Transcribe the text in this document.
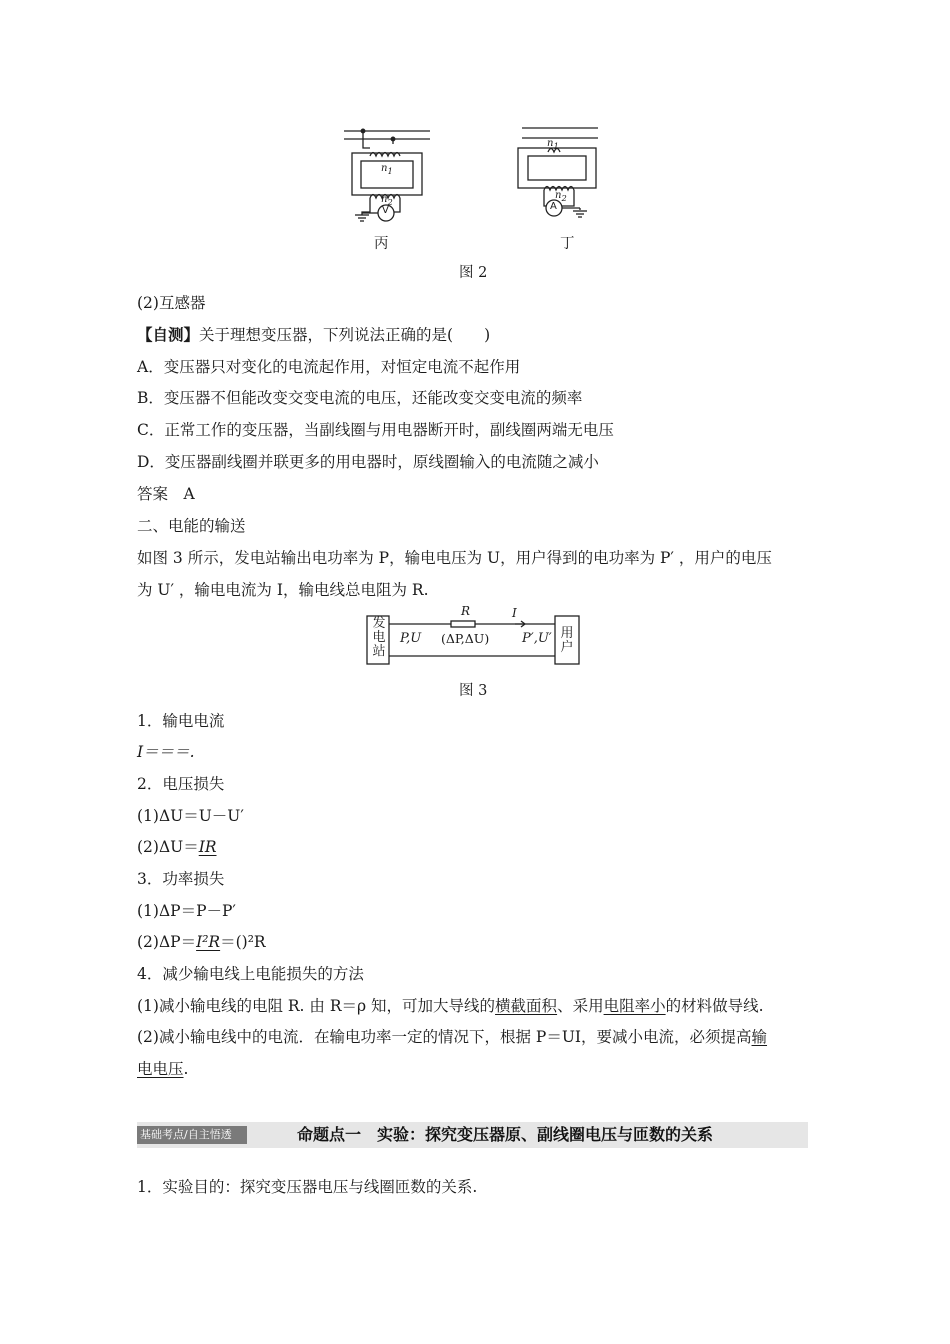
$n_1$
$n_2$
V
$n_1$
$n_2$
A
丙	丁
图 2
(2)互感器
【自测】关于理想变压器，下列说法正确的是(　　)
A．变压器只对变化的电流起作用，对恒定电流不起作用
B．变压器不但能改变交变电流的电压，还能改变交变电流的频率
C．正常工作的变压器，当副线圈与用电器断开时，副线圈两端无电压
D．变压器副线圈并联更多的用电器时，原线圈输入的电流随之减小
答案　A
二、电能的输送
如图 3 所示，发电站输出电功率为 P，输电电压为 U，用户得到的电功率为 P′ ，用户的电压
为 U′ ，输电电流为 I，输电线总电阻为 R.
发
电
站
用
户
P,U
R	I
(ΔP,ΔU)	P′,U′
图 3
1．输电电流
I＝＝＝.
2．电压损失
(1)ΔU＝U－U′
(2)ΔU＝IR
3．功率损失
(1)ΔP＝P－P′
(2)ΔP＝I²R＝()²R
4．减少输电线上电能损失的方法
(1)减小输电线的电阻 R. 由 R＝ρ 知，可加大导线的横截面积、采用电阻率小的材料做导线.
(2)减小输电线中的电流．在输电功率一定的情况下，根据 P＝UI，要减小电流，必须提高输
电电压.
基础考点/自主悟透	命题点一　实验：探究变压器原、副线圈电压与匝数的关系
1．实验目的：探究变压器电压与线圈匝数的关系.
